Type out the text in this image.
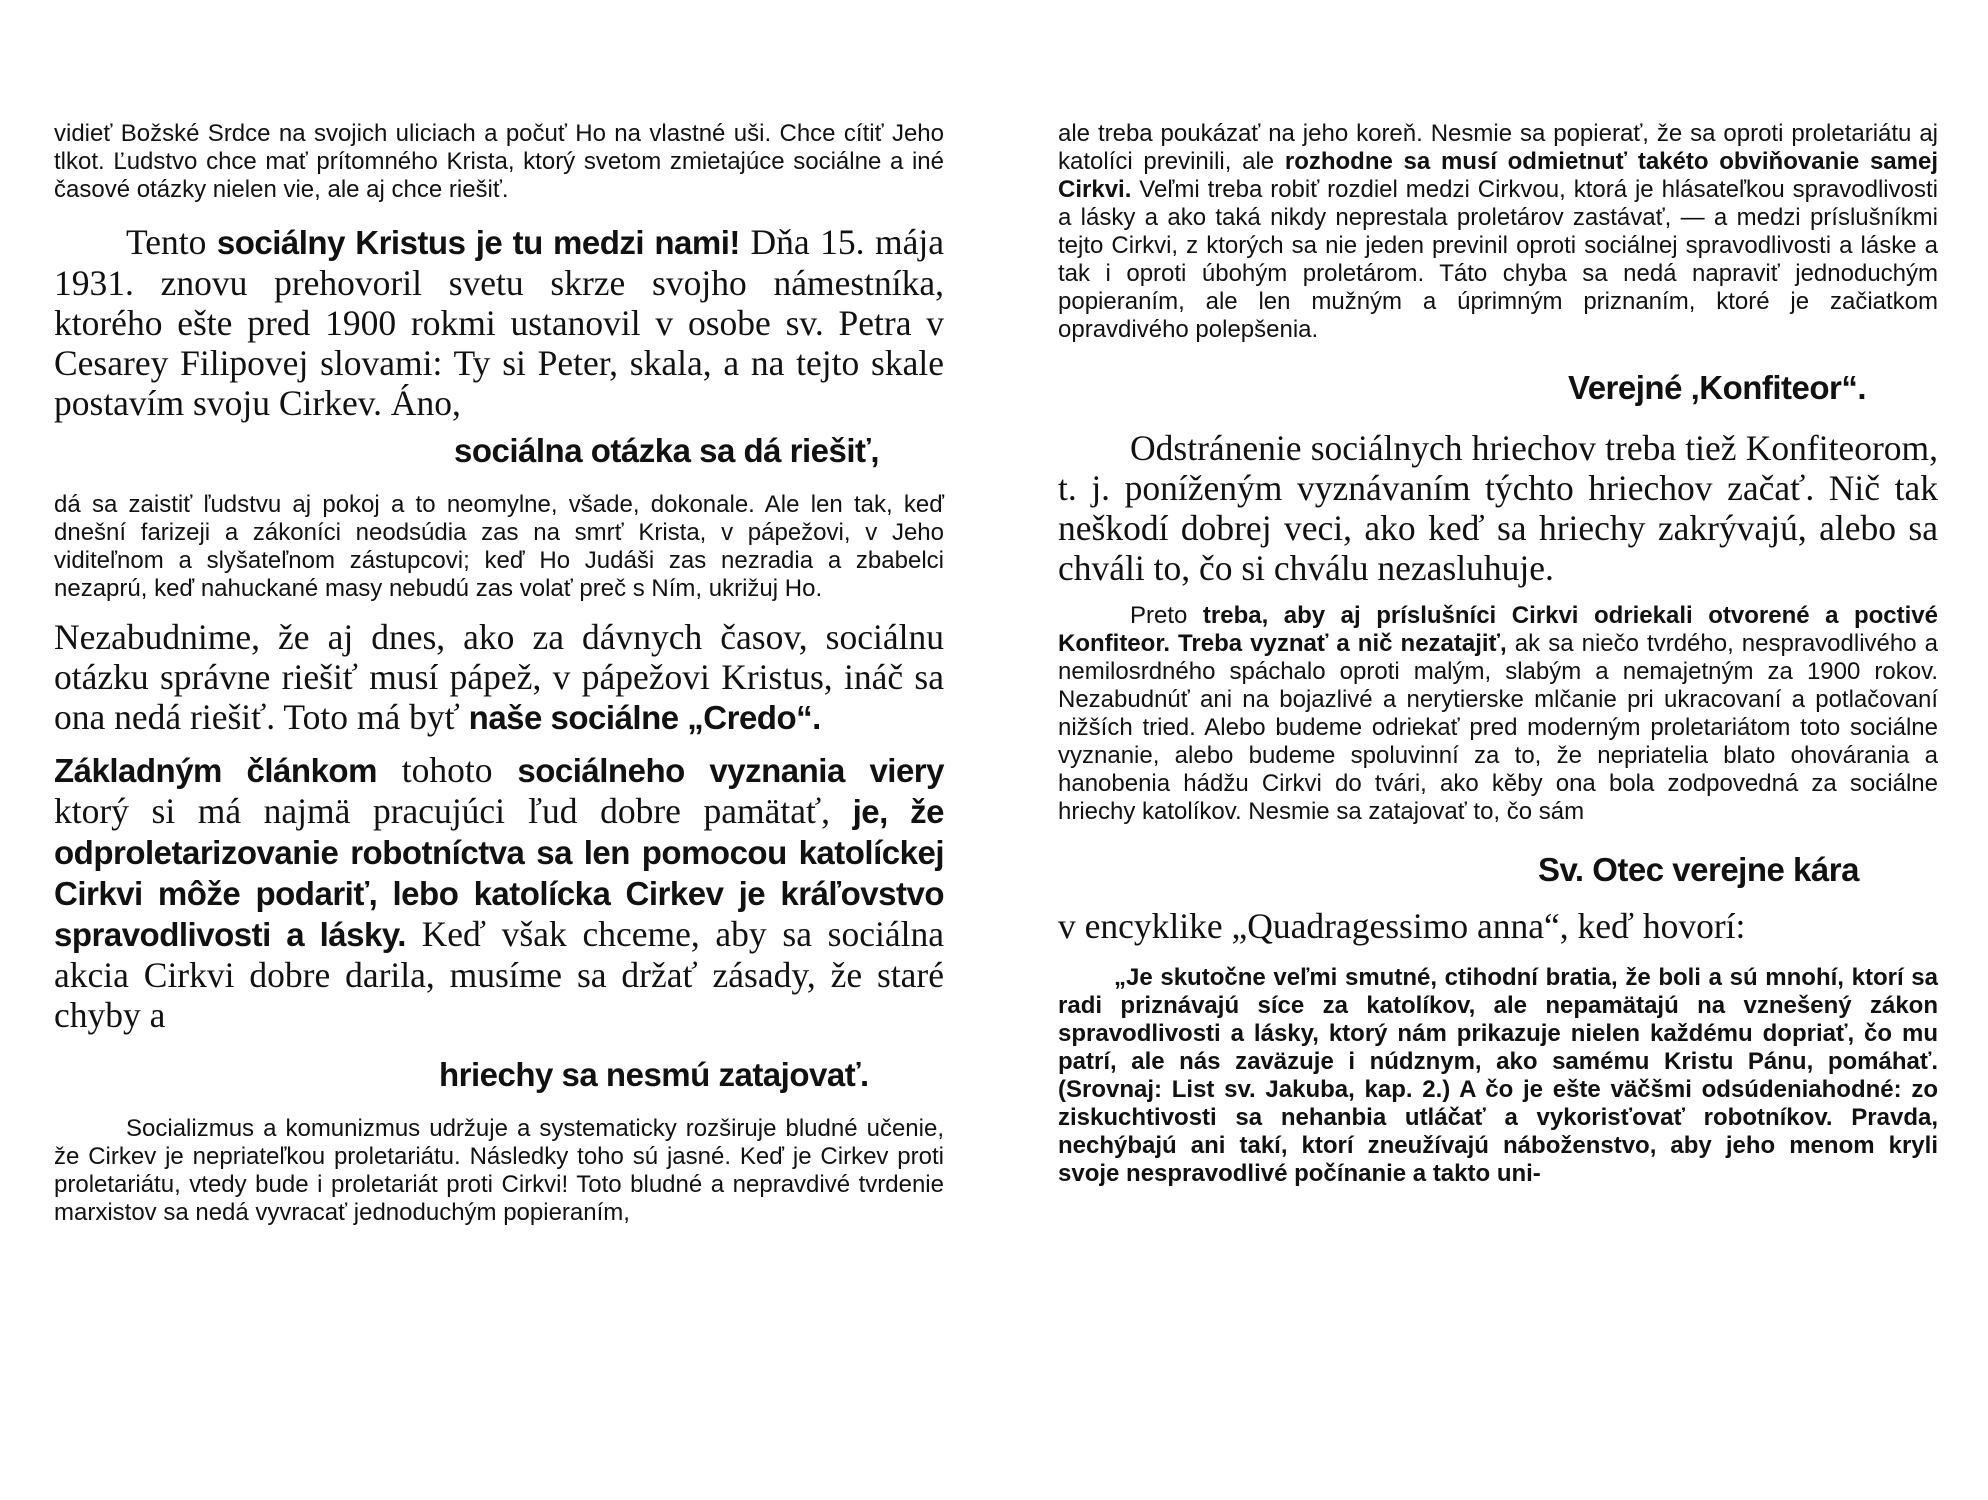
vidieť Božské Srdce na svojich uliciach a počuť Ho na vlastné uši. Chce cítiť Jeho tlkot. Ľudstvo chce mať prítomného Krista, ktorý svetom zmietajúce sociálne a iné časové otázky nielen vie, ale aj chce riešiť.

Tento sociálny Kristus je tu medzi nami! Dňa 15. mája 1931. znovu prehovoril svetu skrze svojho námestníka, ktorého ešte pred 1900 rokmi ustanovil v osobe sv. Petra v Cesarey Filipovej slovami: Ty si Peter, skala, a na tejto skale postavím svoju Cirkev. Áno,

sociálna otázka sa dá riešiť,

dá sa zaistiť ľudstvu aj pokoj a to neomylne, všade, dokonale. Ale len tak, keď dnešní farizeji a zákoníci neodsúdia zas na smrť Krista, v pápežovi, v Jeho viditeľnom a slyšateľnom zástupcovi; keď Ho Judáši zas nezradia a zbabelci nezaprú, keď nahuckané masy nebudú zas volať preč s Ním, ukrižuj Ho.

Nezabudnime, že aj dnes, ako za dávnych časov, sociálnu otázku správne riešiť musí pápež, v pápežovi Kristus, ináč sa ona nedá riešiť. Toto má byť naše sociálne „Credo“.

Základným článkom tohoto sociálneho vyznania viery ktorý si má najmä pracujúci ľud dobre pamätať, je, že odproletarizovanie robotníctva sa len pomocou katolíckej Cirkvi môže podariť, lebo katolícka Cirkev je kráľovstvo spravodlivosti a lásky. Keď však chceme, aby sa sociálna akcia Cirkvi dobre darila, musíme sa držať zásady, že staré chyby a

hriechy sa nesmú zatajovať.

Socializmus a komunizmus udržuje a systematicky rozširuje bludné učenie, že Cirkev je nepriateľkou proletariátu. Následky toho sú jasné. Keď je Cirkev proti proletariátu, vtedy bude i proletariát proti Cirkvi! Toto bludné a nepravdivé tvrdenie marxistov sa nedá vyvracať jednoduchým popieraním,

ale treba poukázať na jeho koreň. Nesmie sa popierať, že sa oproti proletariátu aj katolíci previnili, ale rozhodne sa musí odmietnuť takéto obviňovanie samej Cirkvi. Veľmi treba robiť rozdiel medzi Cirkvou, ktorá je hlásateľkou spravodlivosti a lásky a ako taká nikdy neprestala proletárov zastávať, — a medzi príslušníkmi tejto Cirkvi, z ktorých sa nie jeden previnil oproti sociálnej spravodlivosti a láske a tak i oproti úbohým proletárom. Táto chyba sa nedá napraviť jednoduchým popieraním, ale len mužným a úprimným priznaním, ktoré je začiatkom opravdivého polepšenia.

Verejné ‚Konfiteor“.

Odstránenie sociálnych hriechov treba tiež Konfiteorom, t. j. poníženým vyznávaním týchto hriechov začať. Nič tak neškodí dobrej veci, ako keď sa hriechy zakrývajú, alebo sa chváli to, čo si chválu nezasluhuje.

Preto treba, aby aj príslušníci Cirkvi odriekali otvorené a poctivé Konfiteor. Treba vyznať a nič nezatajiť, ak sa niečo tvrdého, nespravodlivého a nemilosrdného spáchalo oproti malým, slabým a nemajetným za 1900 rokov. Nezabudnúť ani na bojazlivé a nerytierske mlčanie pri ukracovaní a potlačovaní nižších tried. Alebo budeme odriekať pred moderným proletariátom toto sociálne vyznanie, alebo budeme spoluvinní za to, že nepriatelia blato ohovárania a hanobenia hádžu Cirkvi do tvári, ako kěby ona bola zodpovedná za sociálne hriechy katolíkov. Nesmie sa zatajovať to, čo sám

Sv. Otec verejne kára

v encyklike „Quadragessimo anna“, keď hovorí:

„Je skutočne veľmi smutné, ctihodní bratia, že boli a sú mnohí, ktorí sa radi priznávajú síce za katolíkov, ale nepamätajú na vznešený zákon spravodlivosti a lásky, ktorý nám prikazuje nielen každému dopriať, čo mu patrí, ale nás zaväzuje i núdznym, ako samému Kristu Pánu, pomáhať. (Srovnaj: List sv. Jakuba, kap. 2.) A čo je ešte väčšmi odsúdeniahodné: zo ziskuchtivosti sa nehanbia utláčať a vykorisťovať robotníkov. Pravda, nechýbajú ani takí, ktorí zneužívajú náboženstvo, aby jeho menom kryli svoje nespravodlivé počínanie a takto uni-
